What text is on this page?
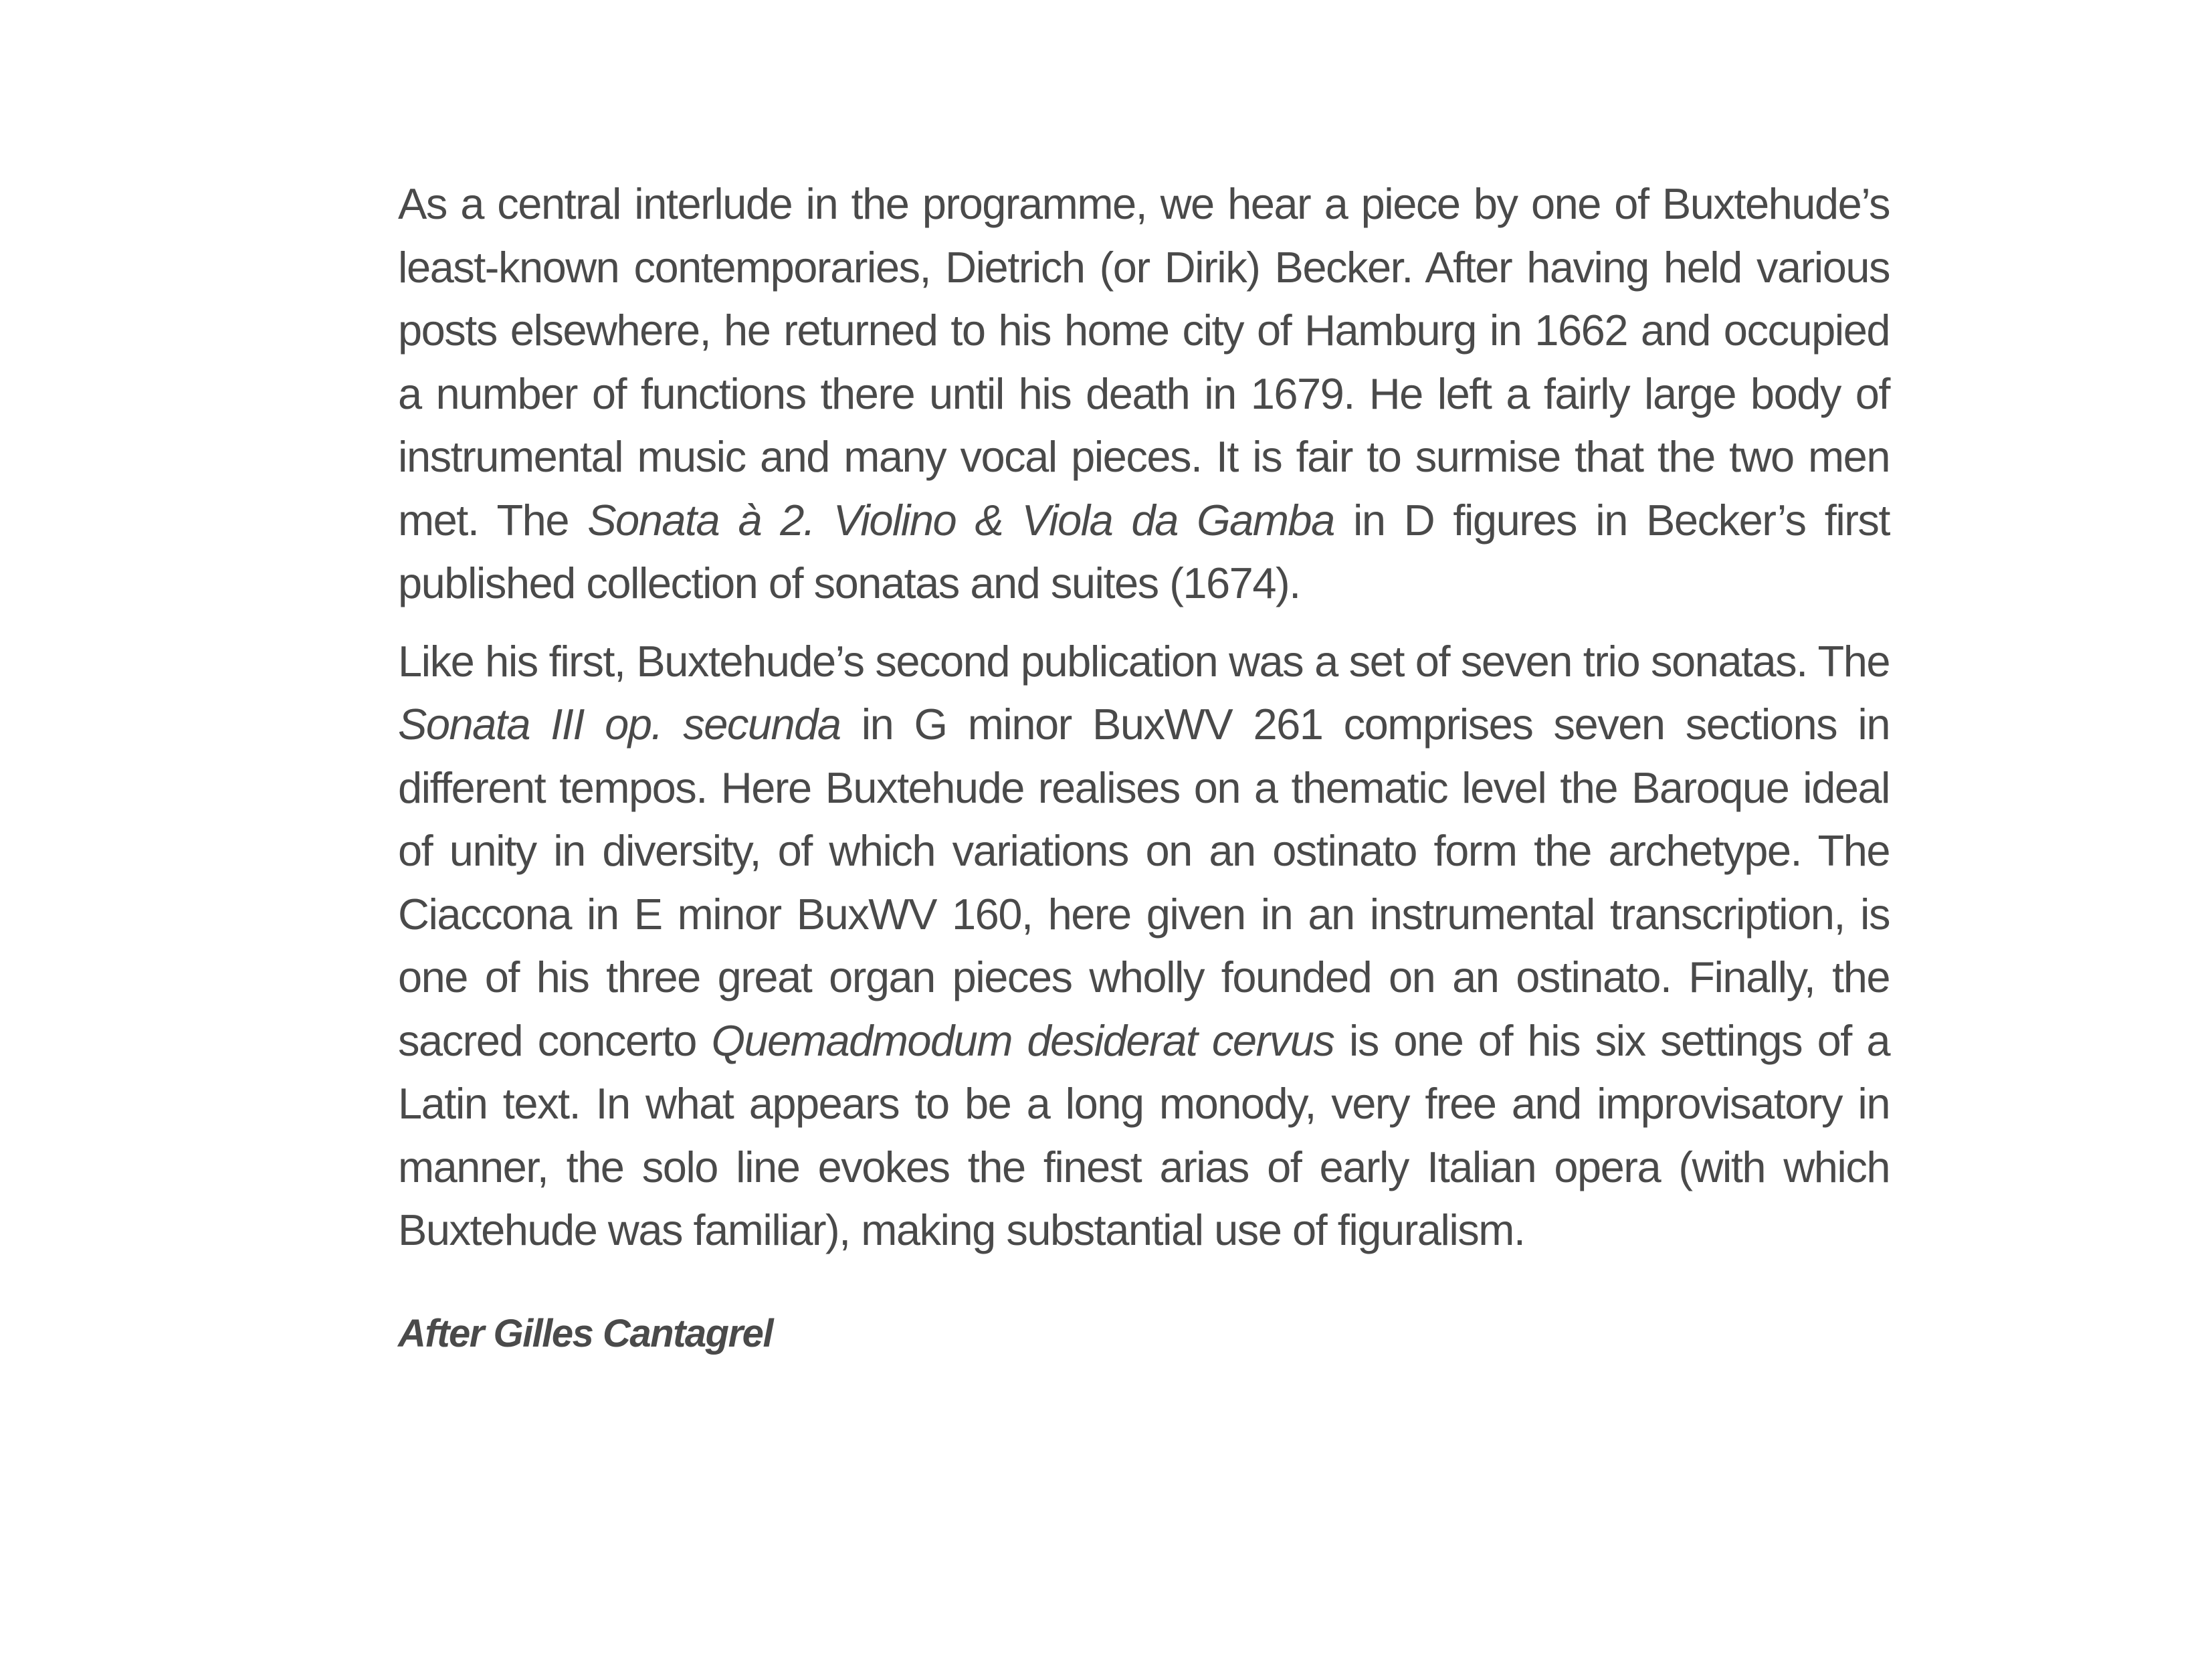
As a central interlude in the programme, we hear a piece by one of Buxtehude’s least-known contemporaries, Dietrich (or Dirik) Becker. After having held various posts elsewhere, he returned to his home city of Hamburg in 1662 and occupied a number of functions there until his death in 1679. He left a fairly large body of instrumental music and many vocal pieces. It is fair to surmise that the two men met. The Sonata à 2. Violino & Viola da Gamba in D figures in Becker’s first published collection of sonatas and suites (1674).

Like his first, Buxtehude’s second publication was a set of seven trio sonatas. The Sonata III op. secunda in G minor BuxWV 261 comprises seven sections in different tempos. Here Buxtehude realises on a thematic level the Baroque ideal of unity in diversity, of which variations on an ostinato form the archetype. The Ciaccona in E minor BuxWV 160, here given in an instrumental transcription, is one of his three great organ pieces wholly founded on an ostinato. Finally, the sacred concerto Quemadmodum desiderat cervus is one of his six settings of a Latin text. In what appears to be a long monody, very free and improvisatory in manner, the solo line evokes the finest arias of early Italian opera (with which Buxtehude was familiar), making substantial use of figuralism.

After Gilles Cantagrel
